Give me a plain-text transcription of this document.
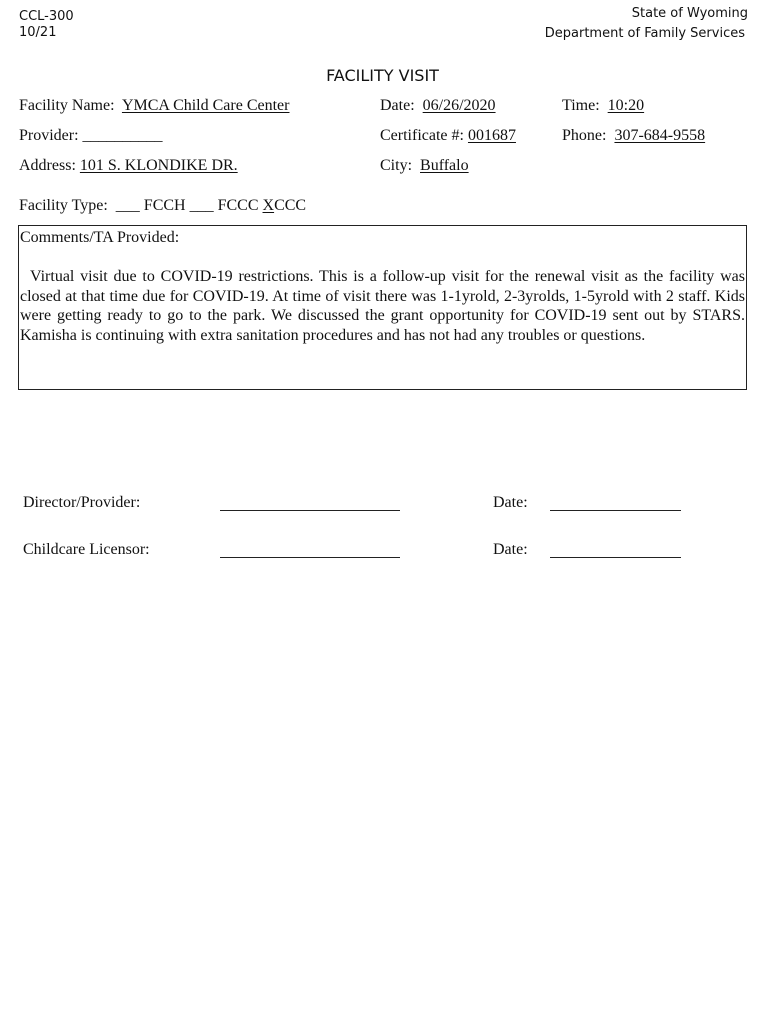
CCL-300
10/21
State of Wyoming
Department of Family Services
FACILITY VISIT
Facility Name: YMCA Child Care Center	Date: 06/26/2020	Time: 10:20
Provider: __________	Certificate #: 001687	Phone: 307-684-9558
Address: 101 S. KLONDIKE DR.	City: Buffalo
Facility Type: ___ FCCH ___ FCCC XCCC
Comments/TA Provided:
Virtual visit due to COVID-19 restrictions. This is a follow-up visit for the renewal visit as the facility was closed at that time due for COVID-19. At time of visit there was 1-1yrold, 2-3yrolds, 1-5yrold with 2 staff. Kids were getting ready to go to the park. We discussed the grant opportunity for COVID-19 sent out by STARS. Kamisha is continuing with extra sanitation procedures and has not had any troubles or questions.
Director/Provider:	Date:
Childcare Licensor:	Date:
